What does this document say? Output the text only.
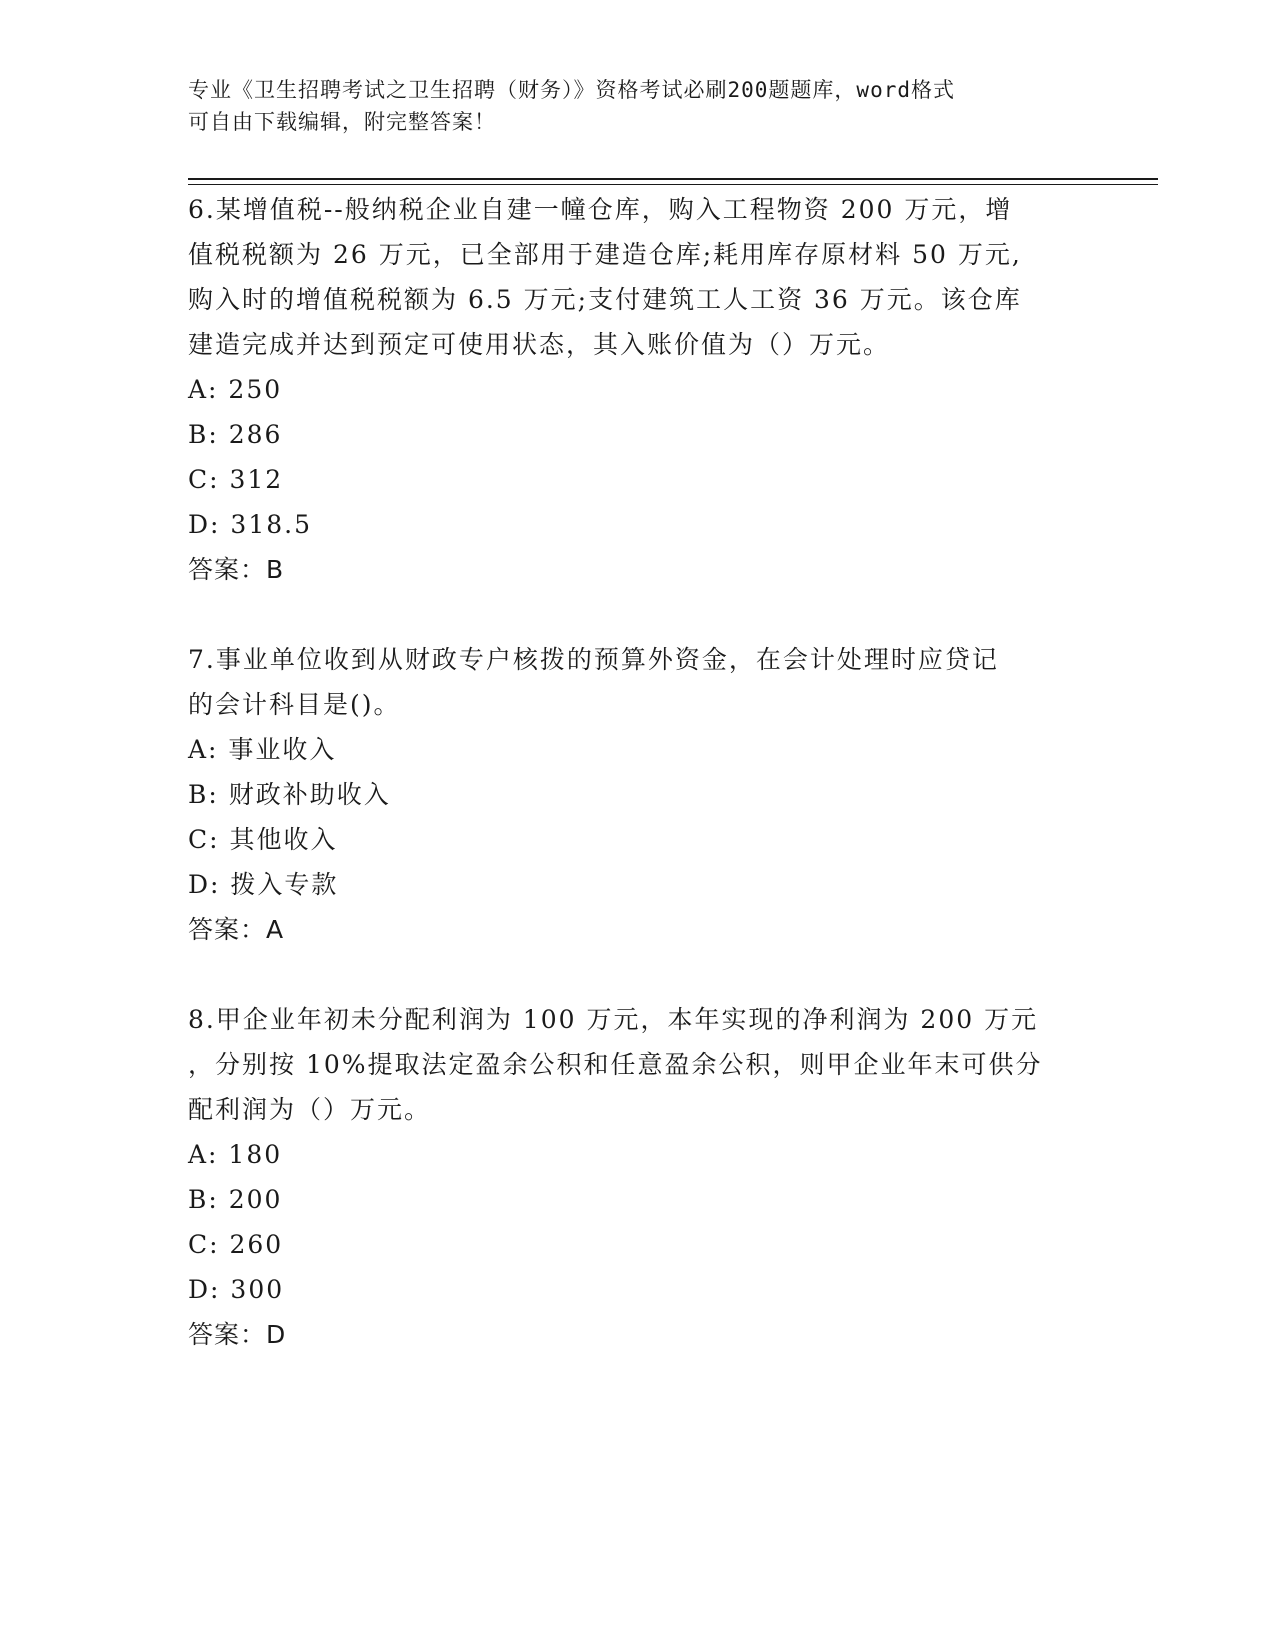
专业《卫生招聘考试之卫生招聘（财务）》资格考试必刷200题题库，word格式
可自由下载编辑，附完整答案！
6.某增值税--般纳税企业自建一幢仓库，购入工程物资 200 万元，增
值税税额为 26 万元，已全部用于建造仓库;耗用库存原材料 50 万元,
购入时的增值税税额为 6.5 万元;支付建筑工人工资 36 万元。该仓库
建造完成并达到预定可使用状态，其入账价值为（）万元。
A: 250
B: 286
C: 312
D: 318.5
答案：B
7.事业单位收到从财政专户核拨的预算外资金，在会计处理时应贷记
的会计科目是()。
A: 事业收入
B: 财政补助收入
C: 其他收入
D: 拨入专款
答案：A
8.甲企业年初未分配利润为 100 万元，本年实现的净利润为 200 万元
，分别按 10%提取法定盈余公积和任意盈余公积，则甲企业年末可供分
配利润为（）万元。
A: 180
B: 200
C: 260
D: 300
答案：D
